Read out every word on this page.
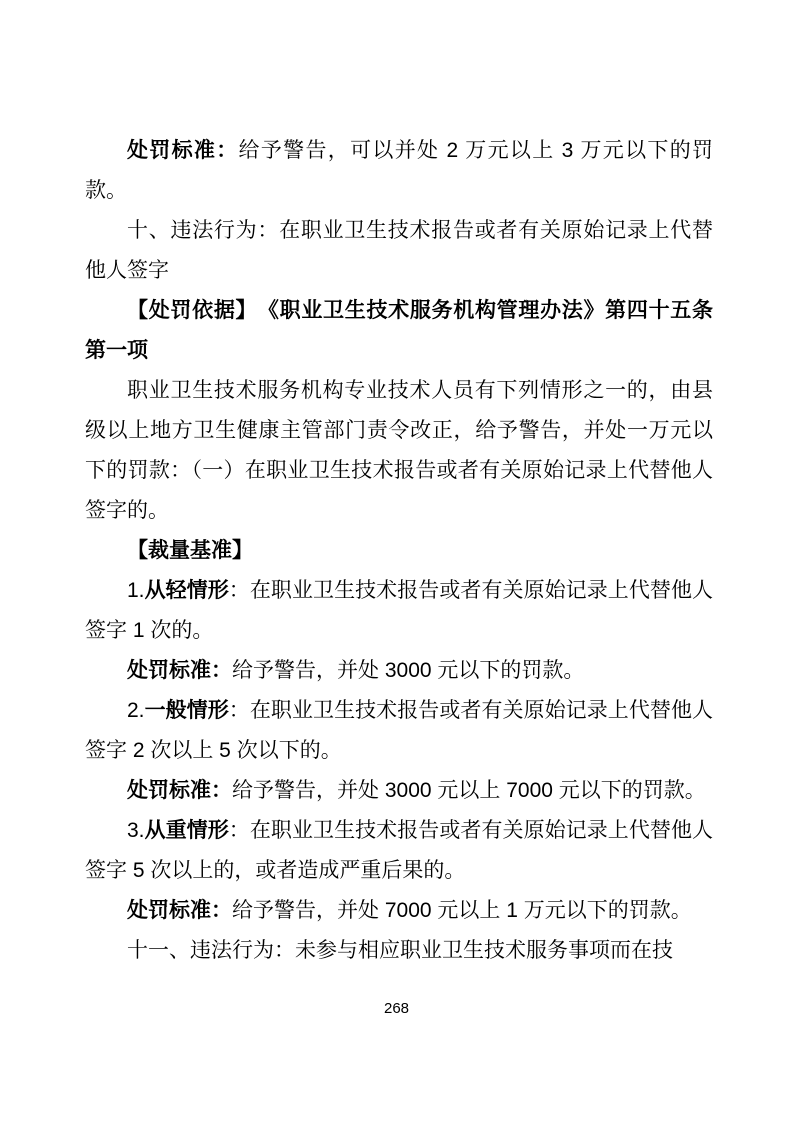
处罚标准：给予警告，可以并处 2 万元以上 3 万元以下的罚款。

十、违法行为：在职业卫生技术报告或者有关原始记录上代替他人签字

【处罚依据】　《职业卫生技术服务机构管理办法》第四十五条第一项

职业卫生技术服务机构专业技术人员有下列情形之一的，由县级以上地方卫生健康主管部门责令改正，给予警告，并处一万元以下的罚款：（一）在职业卫生技术报告或者有关原始记录上代替他人签字的。

【裁量基准】

1.从轻情形：在职业卫生技术报告或者有关原始记录上代替他人签字 1 次的。

处罚标准：给予警告，并处 3000 元以下的罚款。

2.一般情形：在职业卫生技术报告或者有关原始记录上代替他人签字 2 次以上 5 次以下的。

处罚标准：给予警告，并处 3000 元以上 7000 元以下的罚款。

3.从重情形：在职业卫生技术报告或者有关原始记录上代替他人签字 5 次以上的，或者造成严重后果的。

处罚标准：给予警告，并处 7000 元以上 1 万元以下的罚款。

十一、违法行为：未参与相应职业卫生技术服务事项而在技

268
